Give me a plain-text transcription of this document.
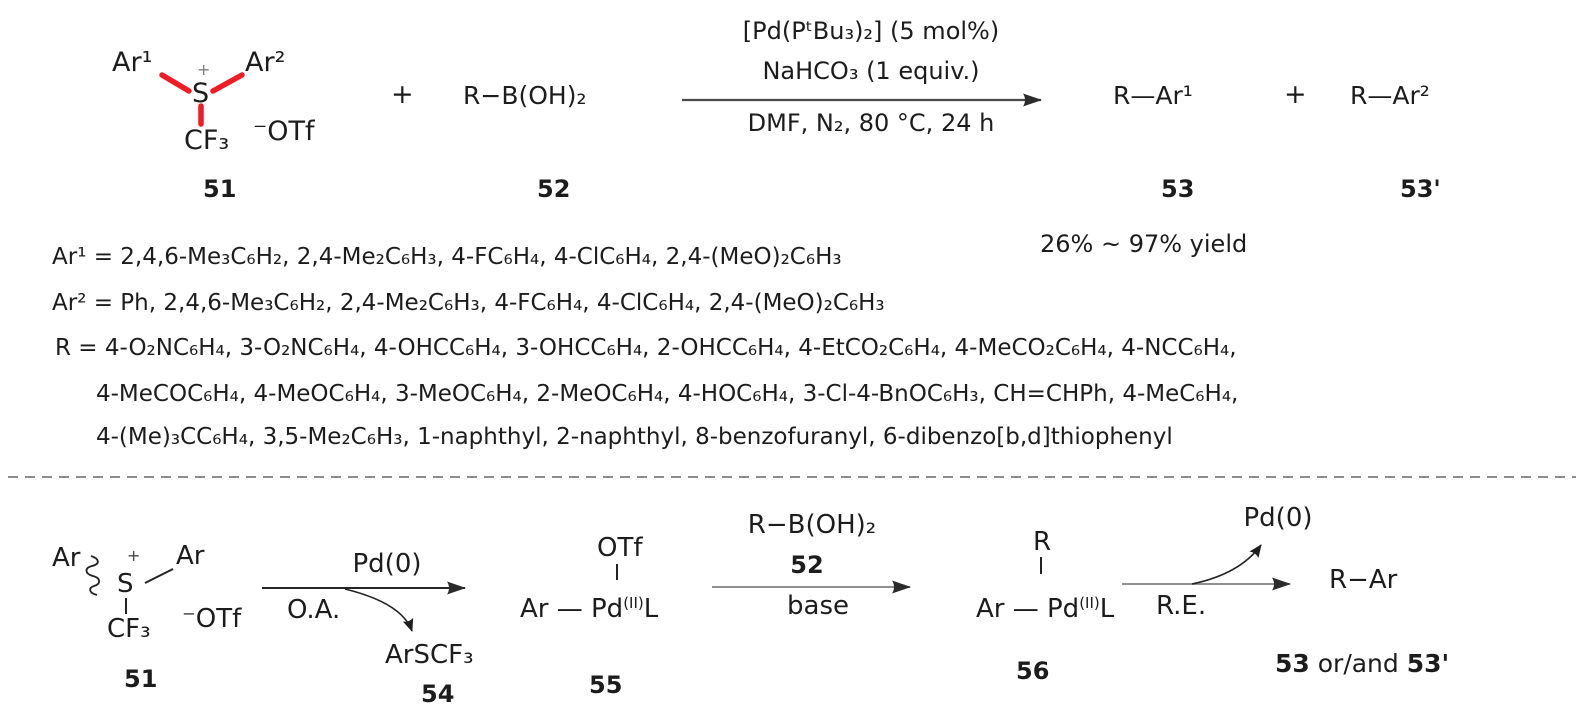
Ar¹	+ Ar²
S
CF₃ ⁻OTf
51
+ R−B(OH)₂
52
[Pd(PᵗBu₃)₂] (5 mol%)
NaHCO₃ (1 equiv.)
DMF, N₂, 80 °C, 24 h
R—Ar¹	+ R—Ar²
53	53'
26% ~ 97% yield
Ar¹ = 2,4,6-Me₃C₆H₂, 2,4-Me₂C₆H₃, 4-FC₆H₄, 4-ClC₆H₄, 2,4-(MeO)₂C₆H₃
Ar² = Ph, 2,4,6-Me₃C₆H₂, 2,4-Me₂C₆H₃, 4-FC₆H₄, 4-ClC₆H₄, 2,4-(MeO)₂C₆H₃
R = 4-O₂NC₆H₄, 3-O₂NC₆H₄, 4-OHCC₆H₄, 3-OHCC₆H₄, 2-OHCC₆H₄, 4-EtCO₂C₆H₄, 4-MeCO₂C₆H₄, 4-NCC₆H₄,
4-MeCOC₆H₄, 4-MeOC₆H₄, 3-MeOC₆H₄, 2-MeOC₆H₄, 4-HOC₆H₄, 3-Cl-4-BnOC₆H₃, CH=CHPh, 4-MeC₆H₄,
4-(Me)₃CC₆H₄, 3,5-Me₂C₆H₃, 1-naphthyl, 2-naphthyl, 8-benzofuranyl, 6-dibenzo[b,d]thiophenyl
Ar	+ Ar
S
CF₃ ⁻OTf
51
Pd(0)
O.A.
ArSCF₃
54
OTf
Ar — $Pd^{(II)}L$
55
R−B(OH)₂
52
base
R
Ar — $Pd^{(II)}L$
56
Pd(0)
R.E.
R−Ar
53 or/and 53'
